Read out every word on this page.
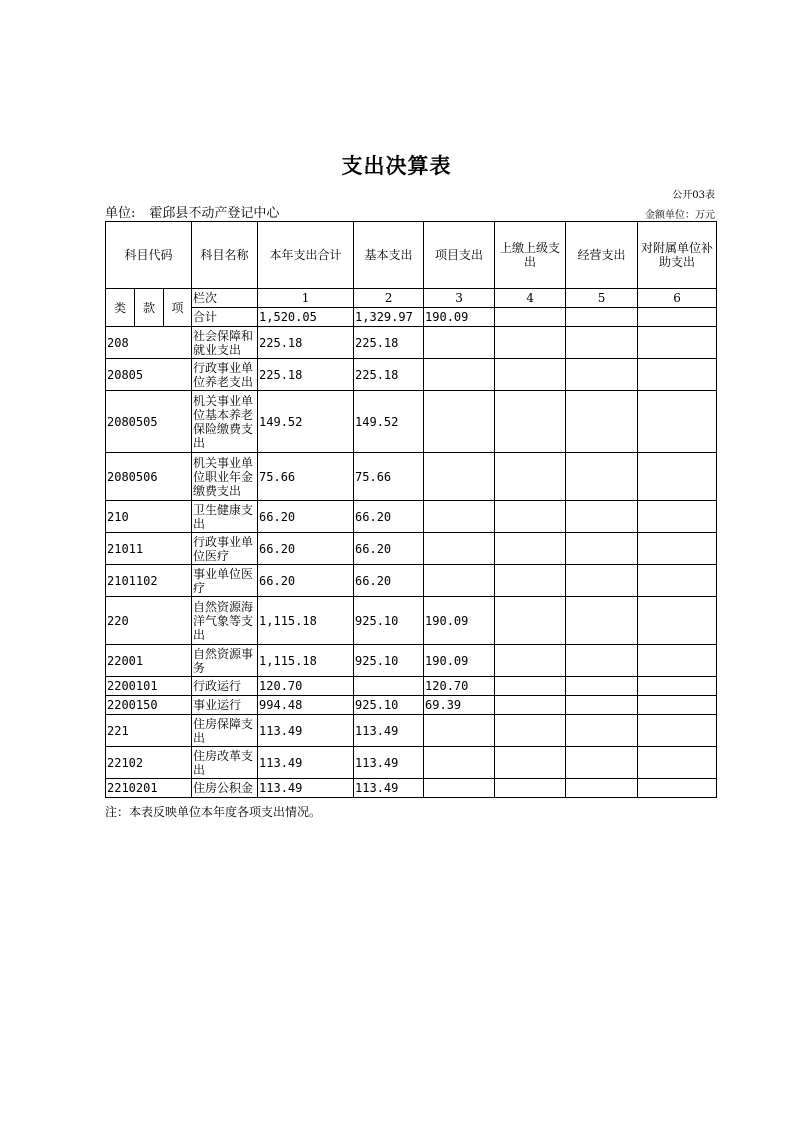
支出决算表
公开03表
单位: 霍邱县不动产登记中心	金额单位：万元
科目代码			科目名称	本年支出合计	基本支出	项目支出	上缴上级支出	经营支出	对附属单位补助支出
类	款	项	栏次	1	2	3	4	5	6
			合计	1,520.05	1,329.97	190.09			
208			社会保障和就业支出	225.18	225.18				
20805			行政事业单位养老支出	225.18	225.18				
2080505			机关事业单位基本养老保险缴费支出	149.52	149.52				
2080506			机关事业单位职业年金缴费支出	75.66	75.66				
210			卫生健康支出	66.20	66.20				
21011			行政事业单位医疗	66.20	66.20				
2101102			事业单位医疗	66.20	66.20				
220			自然资源海洋气象等支出	1,115.18	925.10	190.09			
22001			自然资源事务	1,115.18	925.10	190.09			
2200101			行政运行	120.70		120.70			
2200150			事业运行	994.48	925.10	69.39			
221			住房保障支出	113.49	113.49				
22102			住房改革支出	113.49	113.49				
2210201			住房公积金	113.49	113.49				
注：本表反映单位本年度各项支出情况。
